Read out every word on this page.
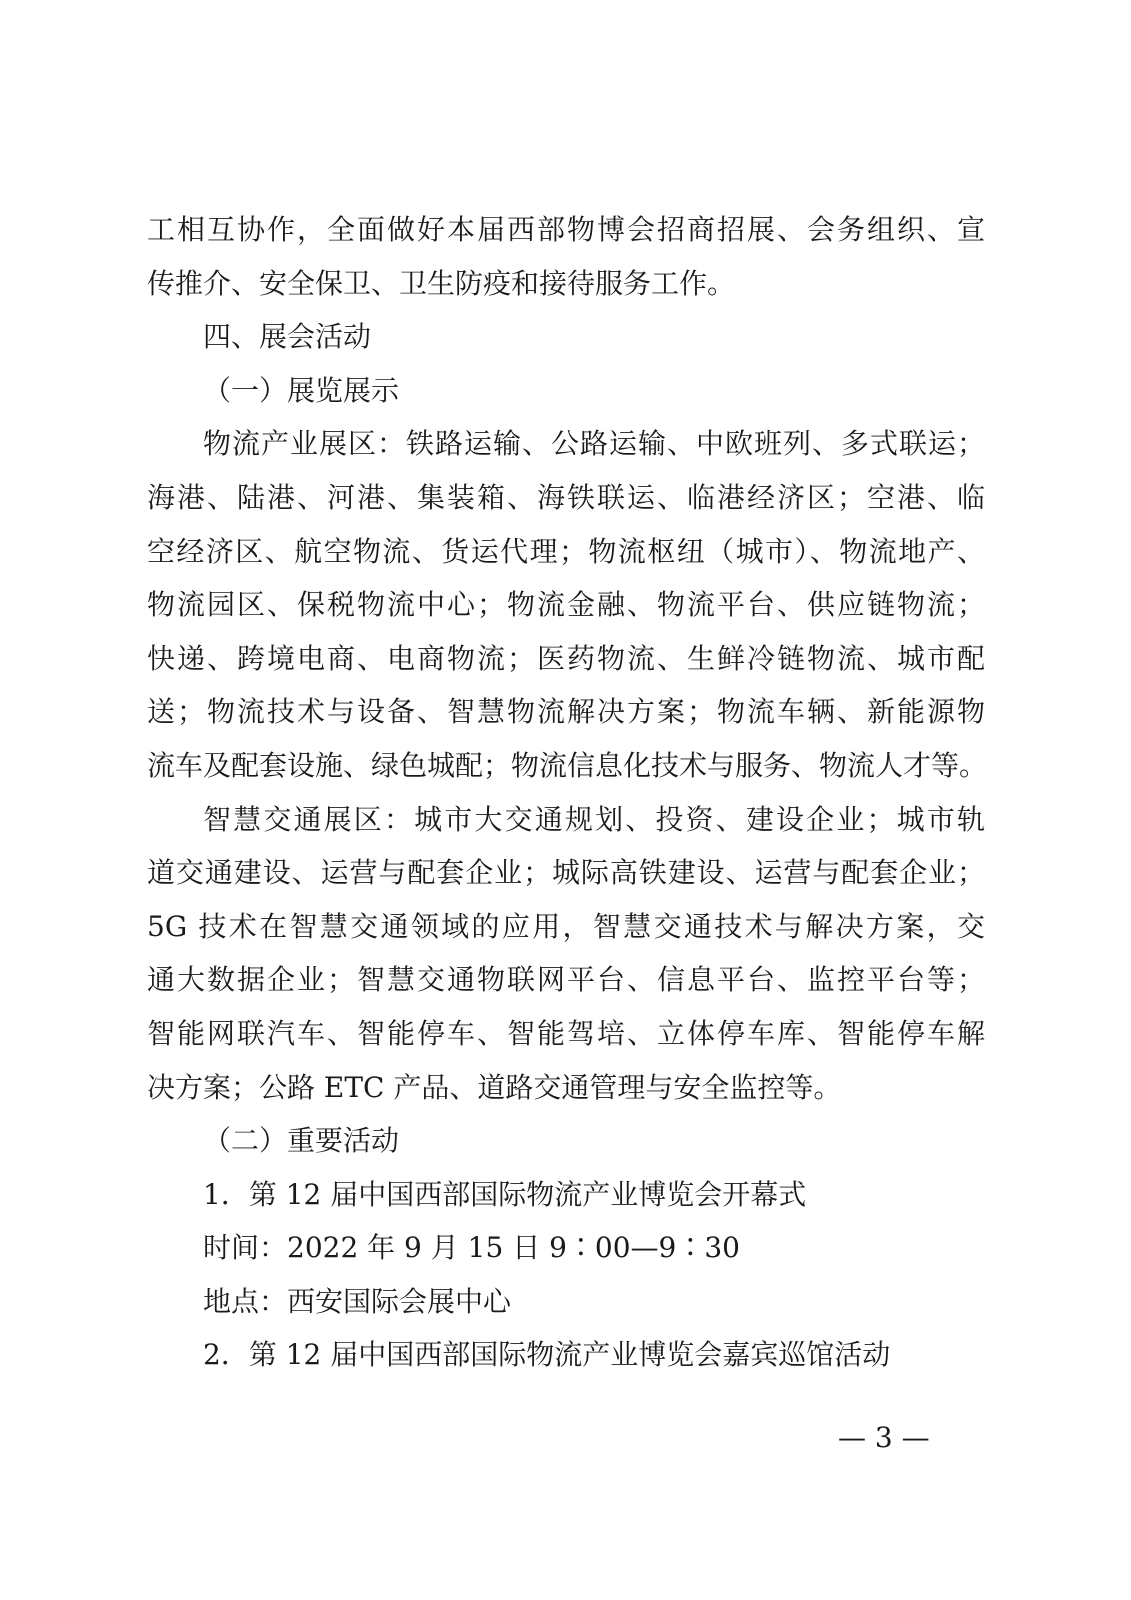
工相互协作，全面做好本届西部物博会招商招展、会务组织、宣
传推介、安全保卫、卫生防疫和接待服务工作。
四、展会活动
（一）展览展示
物流产业展区：铁路运输、公路运输、中欧班列、多式联运；
海港、陆港、河港、集装箱、海铁联运、临港经济区；空港、临
空经济区、航空物流、货运代理；物流枢纽（城市）、物流地产、
物流园区、保税物流中心；物流金融、物流平台、供应链物流；
快递、跨境电商、电商物流；医药物流、生鲜冷链物流、城市配
送；物流技术与设备、智慧物流解决方案；物流车辆、新能源物
流车及配套设施、绿色城配；物流信息化技术与服务、物流人才等。
智慧交通展区：城市大交通规划、投资、建设企业；城市轨
道交通建设、运营与配套企业；城际高铁建设、运营与配套企业；
5G 技术在智慧交通领域的应用，智慧交通技术与解决方案，交
通大数据企业；智慧交通物联网平台、信息平台、监控平台等；
智能网联汽车、智能停车、智能驾培、立体停车库、智能停车解
决方案；公路 ETC 产品、道路交通管理与安全监控等。
（二）重要活动
1．第 12 届中国西部国际物流产业博览会开幕式
时间：2022 年 9 月 15 日 9∶00—9∶30
地点：西安国际会展中心
2．第 12 届中国西部国际物流产业博览会嘉宾巡馆活动
— 3 —
